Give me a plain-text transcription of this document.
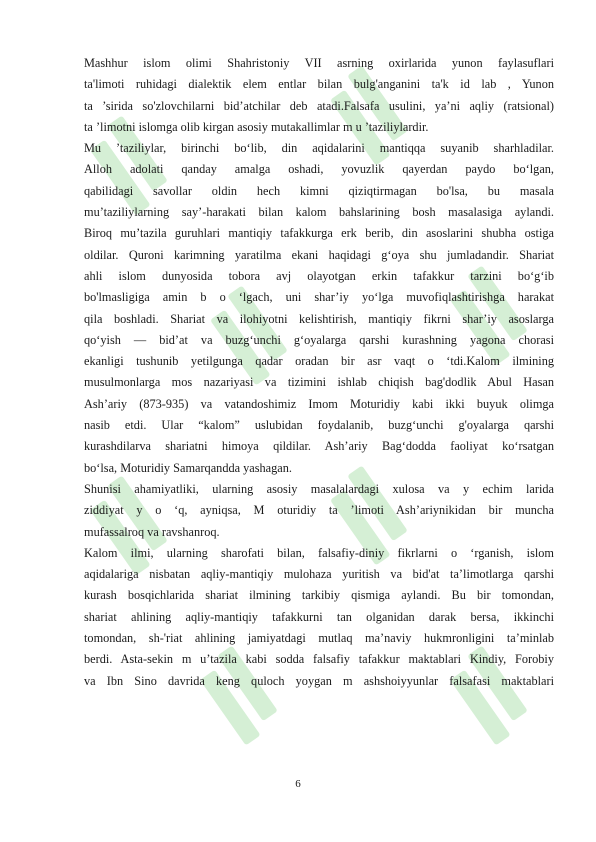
Mashhur islom olimi Shahristoniy VII asrning oxirlarida yunon faylasuflari
ta'limoti ruhidagi dialektik elem entlar bilan bulg'anganini ta'k id lab , Yunon
ta ’sirida so'zlovchilarni bid’atchilar deb atadi.Falsafa usulini, ya’ni aqliy (ratsional)
ta ’limotni islomga olib kirgan asosiy mutakallimlar m u ’taziliylardir.
Mu ’taziliylar, birinchi bo‘lib, din aqidalarini mantiqqa suyanib sharhladilar.
Alloh adolati qanday amalga oshadi, yovuzlik qayerdan paydo bo‘lgan,
qabilidagi savollar oldin hech kimni qiziqtirmagan bo'lsa, bu masala
mu’taziliylarning say’-harakati bilan kalom bahslarining bosh masalasiga aylandi.
Biroq mu’tazila guruhlari mantiqiy tafakkurga erk berib, din asoslarini shubha ostiga
oldilar. Quroni karimning yaratilma ekani haqidagi g‘oya shu jumladandir. Shariat
ahli islom dunyosida tobora avj olayotgan erkin tafakkur tarzini bo‘g‘ib
bo'lmasligiga amin b o ‘lgach, uni shar’iy yo‘lga muvofiqlashtirishga harakat
qila boshladi. Shariat va ilohiyotni kelishtirish, mantiqiy fikrni shar’iy asoslarga
qo‘yish — bid’at va buzg‘unchi g‘oyalarga qarshi kurashning yagona chorasi
ekanligi tushunib yetilgunga qadar oradan bir asr vaqt o ‘tdi.Kalom ilmining
musulmonlarga mos nazariyasi va tizimini ishlab chiqish bag'dodlik Abul Hasan
Ash’ariy (873-935) va vatandoshimiz Imom Moturidiy kabi ikki buyuk olimga
nasib etdi. Ular “kalom” uslubidan foydalanib, buzg‘unchi g'oyalarga qarshi
kurashdilarva shariatni himoya qildilar. Ash’ariy Bag‘dodda faoliyat ko‘rsatgan
bo‘lsa, Moturidiy Samarqandda yashagan.
Shunisi ahamiyatliki, ularning asosiy masalalardagi xulosa va y echim larida
ziddiyat y o ‘q, ayniqsa, M oturidiy ta ’limoti Ash’ariynikidan bir muncha
mufassalroq va ravshanroq.
Kalom ilmi, ularning sharofati bilan, falsafiy-diniy fikrlarni o ‘rganish, islom
aqidalariga nisbatan aqliy-mantiqiy mulohaza yuritish va bid'at ta’limotlarga qarshi
kurash bosqichlarida shariat ilmining tarkibiy qismiga aylandi. Bu bir tomondan,
shariat ahlining aqliy-mantiqiy tafakkurni tan olganidan darak bersa, ikkinchi
tomondan, sh-'riat ahlining jamiyatdagi mutlaq ma’naviy hukmronligini ta’minlab
berdi. Asta-sekin m u’tazila kabi sodda falsafiy tafakkur maktablari Kindiy, Forobiy
va Ibn Sino davrida keng quloch yoygan m ashshoiyyunlar falsafasi maktablari
6
